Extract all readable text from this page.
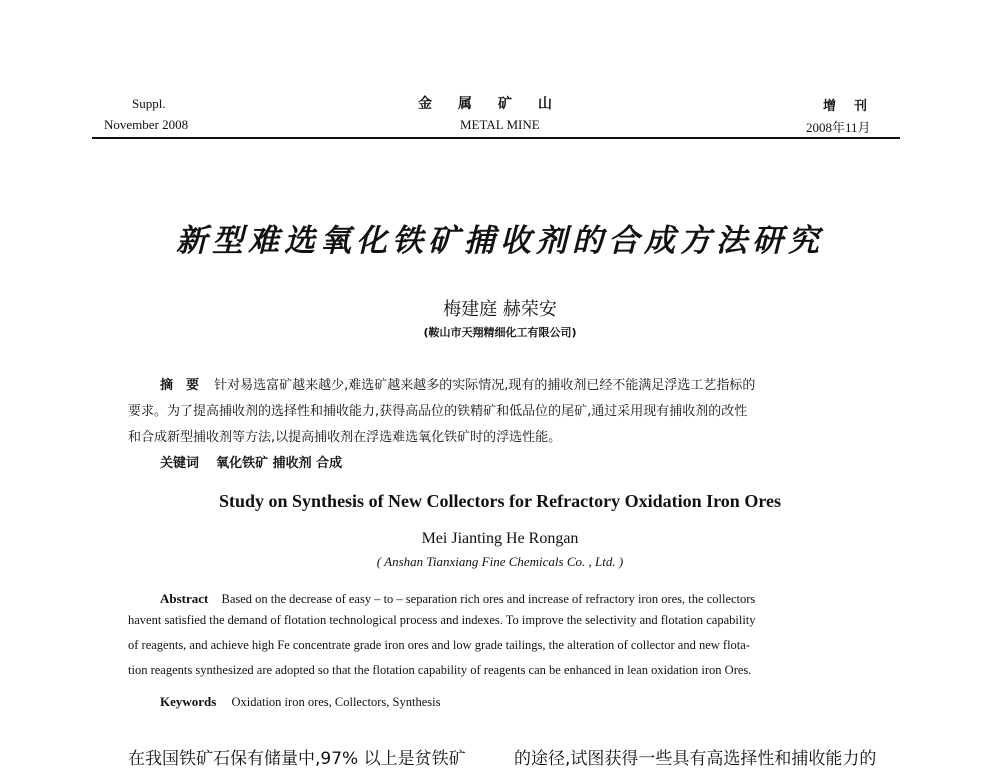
Suppl.
November 2008
金属矿山
METAL MINE
增刊
2008年11月
新型难选氧化铁矿捕收剂的合成方法研究
梅建庭 赫荣安
(鞍山市天翔精细化工有限公司)
摘　要 针对易选富矿越来越少,难选矿越来越多的实际情况,现有的捕收剂已经不能满足浮选工艺指标的
要求。为了提高捕收剂的选择性和捕收能力,获得高品位的铁精矿和低品位的尾矿,通过采用现有捕收剂的改性
和合成新型捕收剂等方法,以提高捕收剂在浮选难选氧化铁矿时的浮选性能。
关键词 氧化铁矿 捕收剂 合成
Study on Synthesis of New Collectors for Refractory Oxidation Iron Ores
Mei Jianting He Rongan
( Anshan Tianxiang Fine Chemicals Co. , Ltd. )
Abstract Based on the decrease of easy – to – separation rich ores and increase of refractory iron ores, the collectors
havent satisfied the demand of flotation technological process and indexes. To improve the selectivity and flotation capability
of reagents, and achieve high Fe concentrate grade iron ores and low grade tailings, the alteration of collector and new flota-
tion reagents synthesized are adopted so that the flotation capability of reagents can be enhanced in lean oxidation iron Ores.
Keywords Oxidation iron ores, Collectors, Synthesis
在我国铁矿石保有储量中,97% 以上是贫铁矿	的途径,试图获得一些具有高选择性和捕收能力的
